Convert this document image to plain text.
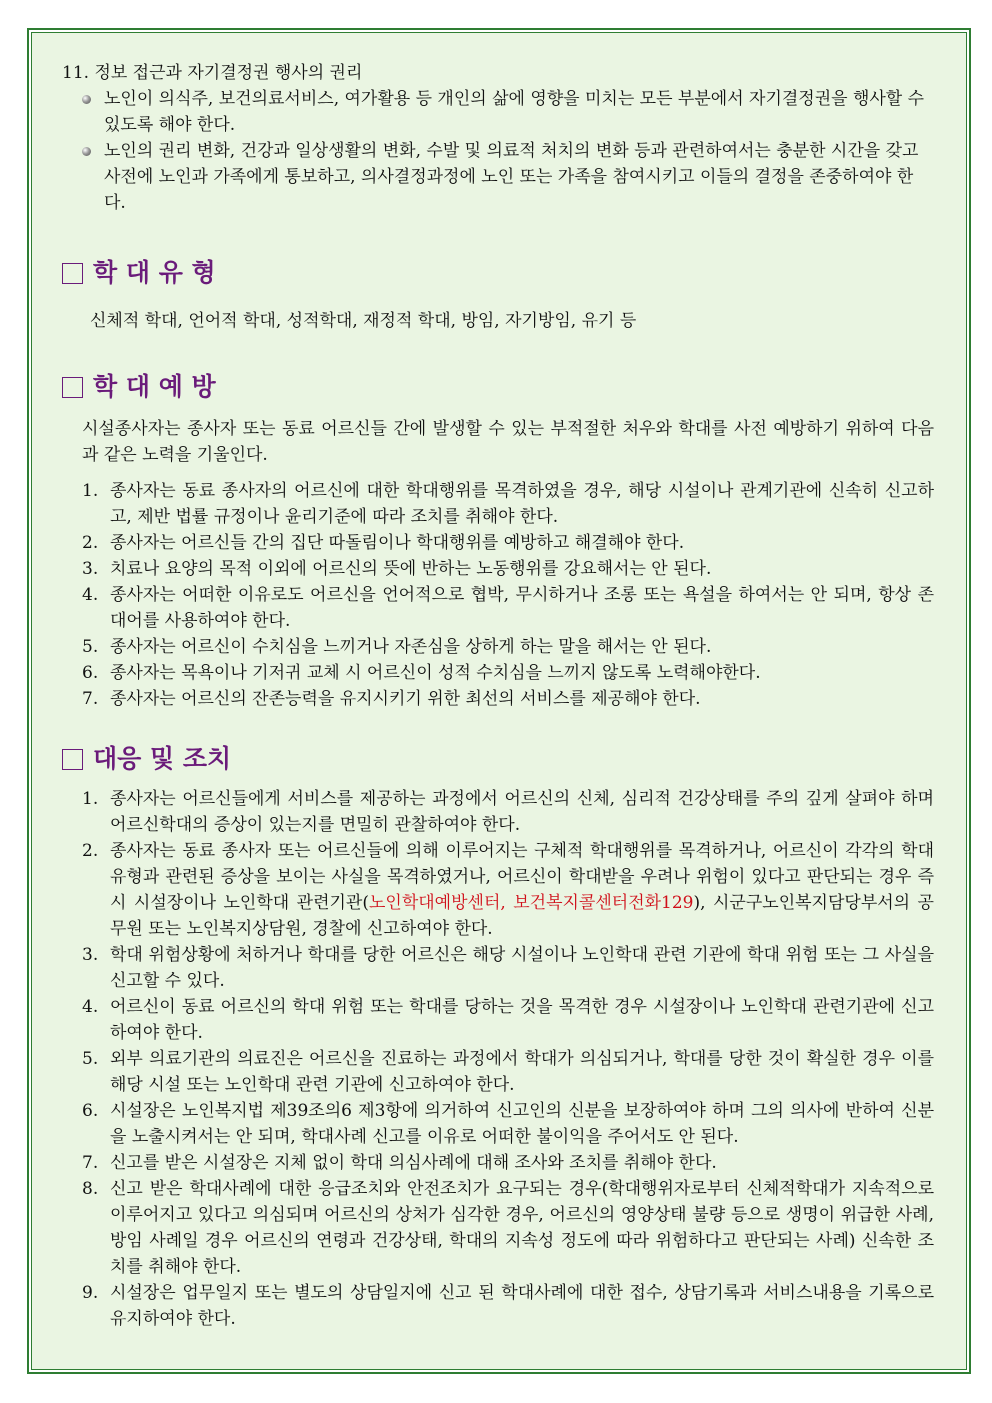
11. 정보 접근과 자기결정권 행사의 권리

노인이 의식주, 보건의료서비스, 여가활용 등 개인의 삶에 영향을 미치는 모든 부분에서 자기결정권을 행사할 수 있도록 해야 한다.
노인의 권리 변화, 건강과 일상생활의 변화, 수발 및 의료적 처치의 변화 등과 관련하여서는 충분한 시간을 갖고 사전에 노인과 가족에게 통보하고, 의사결정과정에 노인 또는 가족을 참여시키고 이들의 결정을 존중하여야 한다.
학 대 유 형

신체적 학대, 언어적 학대, 성적학대, 재정적 학대, 방임, 자기방임, 유기 등

학 대 예 방

시설종사자는 종사자 또는 동료 어르신들 간에 발생할 수 있는 부적절한 처우와 학대를 사전 예방하기 위하여 다음과 같은 노력을 기울인다.

1. 종사자는 동료 종사자의 어르신에 대한 학대행위를 목격하였을 경우, 해당 시설이나 관계기관에 신속히 신고하고, 제반 법률 규정이나 윤리기준에 따라 조치를 취해야 한다.
2. 종사자는 어르신들 간의 집단 따돌림이나 학대행위를 예방하고 해결해야 한다.
3. 치료나 요양의 목적 이외에 어르신의 뜻에 반하는 노동행위를 강요해서는 안 된다.
4. 종사자는 어떠한 이유로도 어르신을 언어적으로 협박, 무시하거나 조롱 또는 욕설을 하여서는 안 되며, 항상 존대어를 사용하여야 한다.
5. 종사자는 어르신이 수치심을 느끼거나 자존심을 상하게 하는 말을 해서는 안 된다.
6. 종사자는 목욕이나 기저귀 교체 시 어르신이 성적 수치심을 느끼지 않도록 노력해야한다.
7. 종사자는 어르신의 잔존능력을 유지시키기 위한 최선의 서비스를 제공해야 한다.
대응 및 조치
1. 종사자는 어르신들에게 서비스를 제공하는 과정에서 어르신의 신체, 심리적 건강상태를 주의 깊게 살펴야 하며 어르신학대의 증상이 있는지를 면밀히 관찰하여야 한다.
2. 종사자는 동료 종사자 또는 어르신들에 의해 이루어지는 구체적 학대행위를 목격하거나, 어르신이 각각의 학대 유형과 관련된 증상을 보이는 사실을 목격하였거나, 어르신이 학대받을 우려나 위험이 있다고 판단되는 경우 즉시 시설장이나 노인학대 관련기관(노인학대예방센터, 보건복지콜센터전화129), 시군구노인복지담당부서의 공무원 또는 노인복지상담원, 경찰에 신고하여야 한다.
3. 학대 위험상황에 처하거나 학대를 당한 어르신은 해당 시설이나 노인학대 관련 기관에 학대 위험 또는 그 사실을 신고할 수 있다.
4. 어르신이 동료 어르신의 학대 위험 또는 학대를 당하는 것을 목격한 경우 시설장이나 노인학대 관련기관에 신고하여야 한다.
5. 외부 의료기관의 의료진은 어르신을 진료하는 과정에서 학대가 의심되거나, 학대를 당한 것이 확실한 경우 이를 해당 시설 또는 노인학대 관련 기관에 신고하여야 한다.
6. 시설장은 노인복지법 제39조의6 제3항에 의거하여 신고인의 신분을 보장하여야 하며 그의 의사에 반하여 신분을 노출시켜서는 안 되며, 학대사례 신고를 이유로 어떠한 불이익을 주어서도 안 된다.
7. 신고를 받은 시설장은 지체 없이 학대 의심사례에 대해 조사와 조치를 취해야 한다.
8. 신고 받은 학대사례에 대한 응급조치와 안전조치가 요구되는 경우(학대행위자로부터 신체적학대가 지속적으로 이루어지고 있다고 의심되며 어르신의 상처가 심각한 경우, 어르신의 영양상태 불량 등으로 생명이 위급한 사례, 방임 사례일 경우 어르신의 연령과 건강상태, 학대의 지속성 정도에 따라 위험하다고 판단되는 사례) 신속한 조치를 취해야 한다.
9. 시설장은 업무일지 또는 별도의 상담일지에 신고 된 학대사례에 대한 접수, 상담기록과 서비스내용을 기록으로 유지하여야 한다.
